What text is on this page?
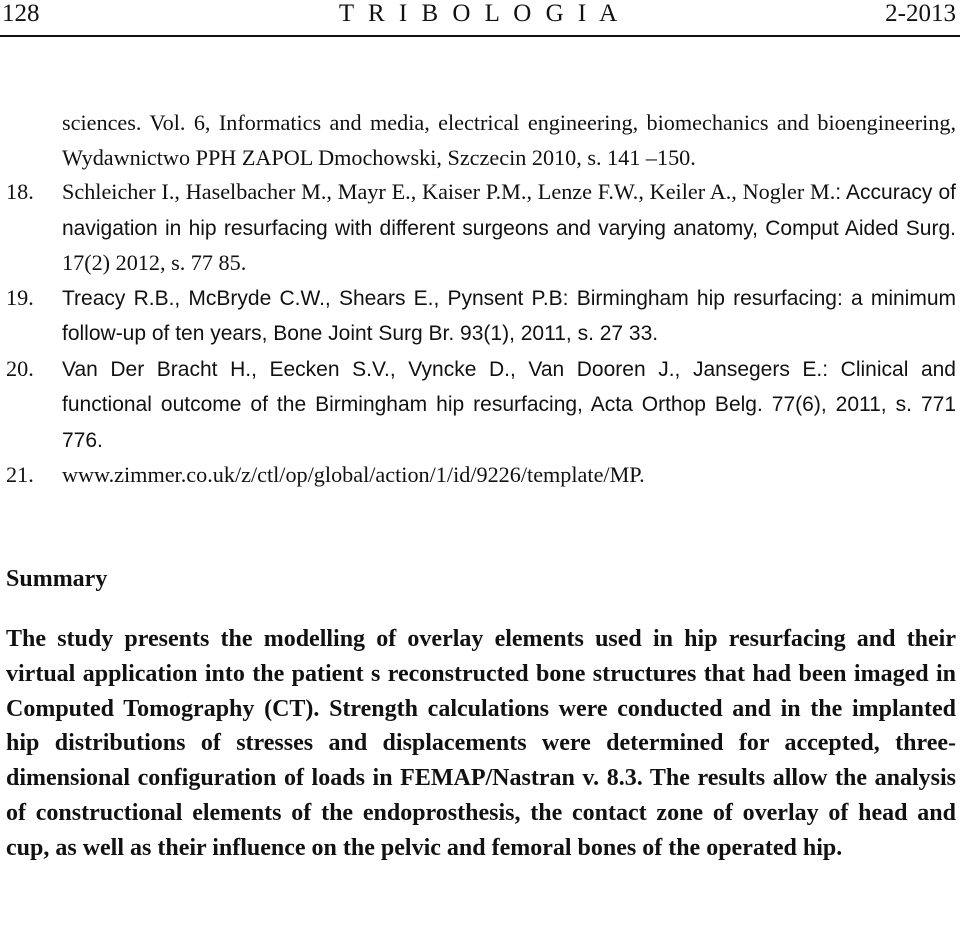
128	T R I B O L O G I A	2-2013
sciences. Vol. 6, Informatics and media, electrical engineering, biomechanics and bioengineering, Wydawnictwo PPH ZAPOL Dmochowski, Szczecin 2010, s. 141 –150.
18. Schleicher I., Haselbacher M., Mayr E., Kaiser P.M., Lenze F.W., Keiler A., Nogler M.: Accuracy of navigation in hip resurfacing with different surgeons and varying anatomy, Comput Aided Surg. 17(2) 2012, s. 77 85.
19. Treacy R.B., McBryde C.W., Shears E., Pynsent P.B: Birmingham hip resurfacing: a minimum follow-up of ten years, Bone Joint Surg Br. 93(1), 2011, s. 27 33.
20. Van Der Bracht H., Eecken S.V., Vyncke D., Van Dooren J., Jansegers E.: Clinical and functional outcome of the Birmingham hip resurfacing, Acta Orthop Belg. 77(6), 2011, s. 771 776.
21. www.zimmer.co.uk/z/ctl/op/global/action/1/id/9226/template/MP.
Summary
The study presents the modelling of overlay elements used in hip resurfacing and their virtual application into the patient s reconstructed bone structures that had been imaged in Computed Tomography (CT). Strength calculations were conducted and in the implanted hip distributions of stresses and displacements were determined for accepted, three-dimensional configuration of loads in FEMAP/Nastran v. 8.3. The results allow the analysis of constructional elements of the endoprosthesis, the contact zone of overlay of head and cup, as well as their influence on the pelvic and femoral bones of the operated hip.
